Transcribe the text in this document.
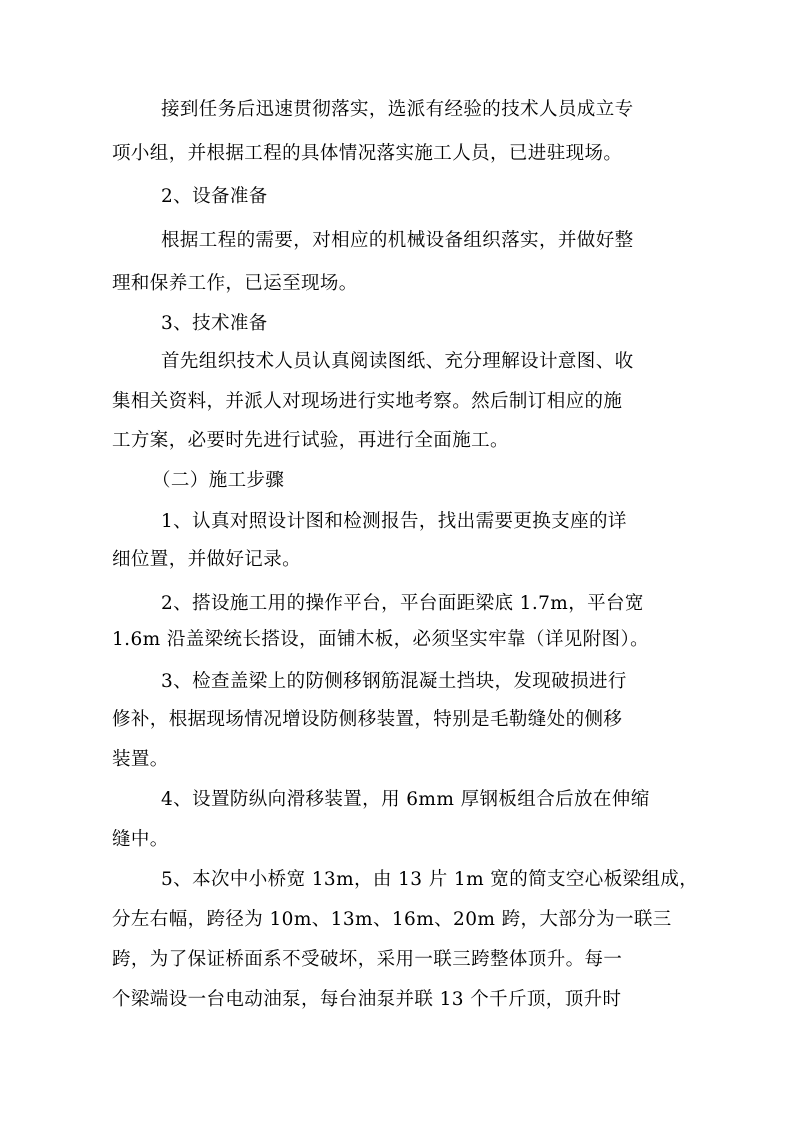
接到任务后迅速贯彻落实，选派有经验的技术人员成立专
项小组，并根据工程的具体情况落实施工人员，已进驻现场。
2、设备准备
根据工程的需要，对相应的机械设备组织落实，并做好整
理和保养工作，已运至现场。
3、技术准备
首先组织技术人员认真阅读图纸、充分理解设计意图、收
集相关资料，并派人对现场进行实地考察。然后制订相应的施
工方案，必要时先进行试验，再进行全面施工。
（二）施工步骤
1、认真对照设计图和检测报告，找出需要更换支座的详
细位置，并做好记录。
2、搭设施工用的操作平台，平台面距梁底 1.7m，平台宽
1.6m 沿盖梁统长搭设，面铺木板，必须坚实牢靠（详见附图）。
3、检查盖梁上的防侧移钢筋混凝土挡块，发现破损进行
修补，根据现场情况增设防侧移装置，特别是毛勒缝处的侧移
装置。
4、设置防纵向滑移装置，用 6mm 厚钢板组合后放在伸缩
缝中。
5、本次中小桥宽 13m，由 13 片 1m 宽的简支空心板梁组成，
分左右幅，跨径为 10m、13m、16m、20m 跨，大部分为一联三
跨，为了保证桥面系不受破坏，采用一联三跨整体顶升。每一
个梁端设一台电动油泵，每台油泵并联 13 个千斤顶，顶升时
